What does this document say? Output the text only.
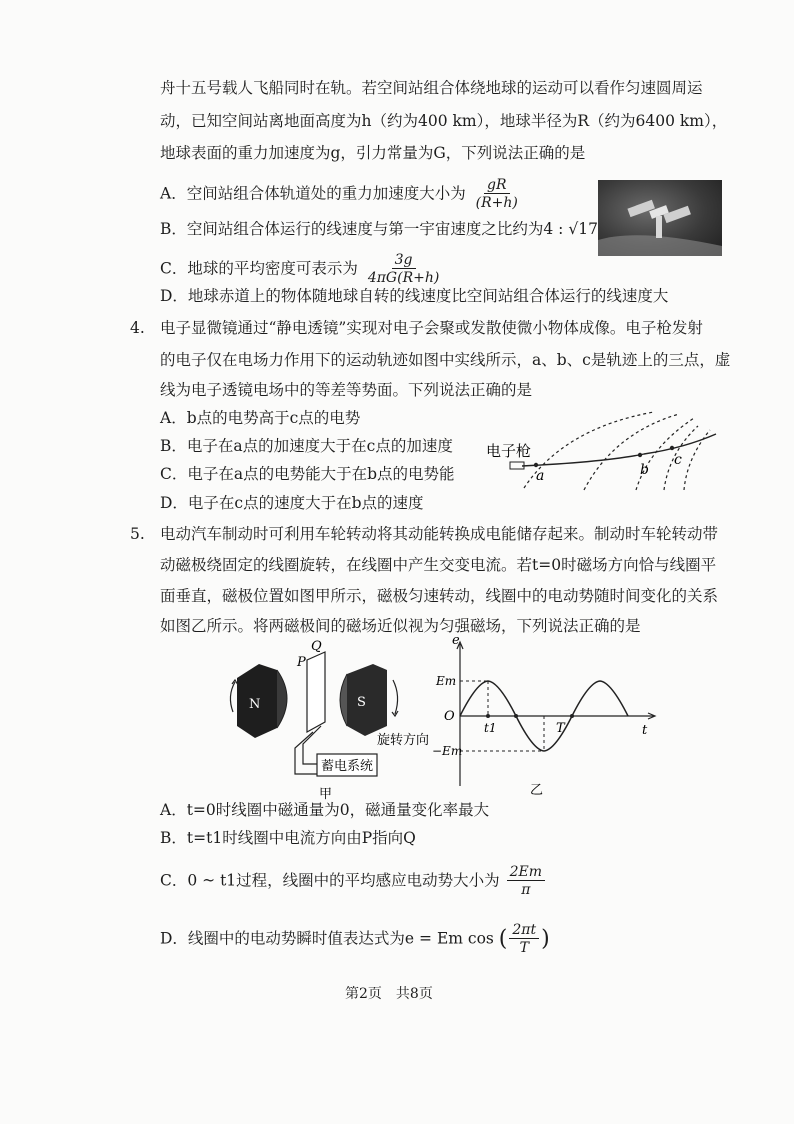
舟十五号载人飞船同时在轨。若空间站组合体绕地球的运动可以看作匀速圆周运
动，已知空间站离地面高度为h（约为400 km），地球半径为R（约为6400 km），
地球表面的重力加速度为g，引力常量为G，下列说法正确的是
A．空间站组合体轨道处的重力加速度大小为 $\frac{gR}{(R+h)}$
B．空间站组合体运行的线速度与第一宇宙速度之比约为4 : √17
C．地球的平均密度可表示为 $\frac{3g}{4\pi G(R+h)}$
D．地球赤道上的物体随地球自转的线速度比空间站组合体运行的线速度大
4. 电子显微镜通过“静电透镜”实现对电子会聚或发散使微小物体成像。电子枪发射
的电子仅在电场力作用下的运动轨迹如图中实线所示，a、b、c是轨迹上的三点，虚
线为电子透镜电场中的等差等势面。下列说法正确的是
A．b点的电势高于c点的电势
B．电子在a点的加速度大于在c点的加速度
C．电子在a点的电势能大于在b点的电势能
D．电子在c点的速度大于在b点的速度
电子枪
a	b
c
5. 电动汽车制动时可利用车轮转动将其动能转换成电能储存起来。制动时车轮转动带
动磁极绕固定的线圈旋转，在线圈中产生交变电流。若t=0时磁场方向恰与线圈平
面垂直，磁极位置如图甲所示，磁极匀速转动，线圈中的电动势随时间变化的关系
如图乙所示。将两磁极间的磁场近似视为匀强磁场，下列说法正确的是
N	S
蓄电系统
P
Q
旋转方向
甲
e
Em
−Em
O
t1	T	t
乙
A．t=0时线圈中磁通量为0，磁通量变化率最大
B．t=t1时线圈中电流方向由P指向Q
C．0 ~ t1过程，线圈中的平均感应电动势大小为 $\frac{2Em}{\pi}$
D．线圈中的电动势瞬时值表达式为e = Em cos ( $\frac{2\pi t}{T}$ )
第2页　共8页
